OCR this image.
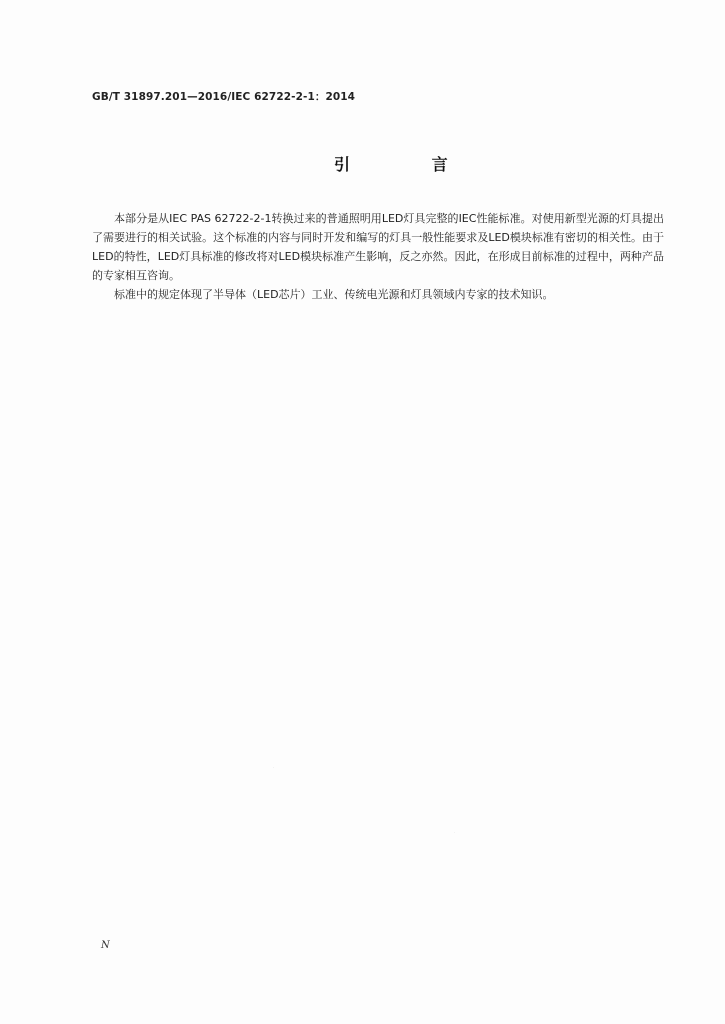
GB/T 31897.201—2016/IEC 62722-2-1：2014
引 言

本部分是从IEC PAS 62722-2-1转换过来的普通照明用LED灯具完整的IEC性能标准。对使用新型光源的灯具提出了需要进行的相关试验。这个标准的内容与同时开发和编写的灯具一般性能要求及LED模块标准有密切的相关性。由于LED的特性，LED灯具标准的修改将对LED模块标准产生影响，反之亦然。因此，在形成目前标准的过程中，两种产品的专家相互咨询。

标准中的规定体现了半导体（LED芯片）工业、传统电光源和灯具领域内专家的技术知识。

·
·
N
